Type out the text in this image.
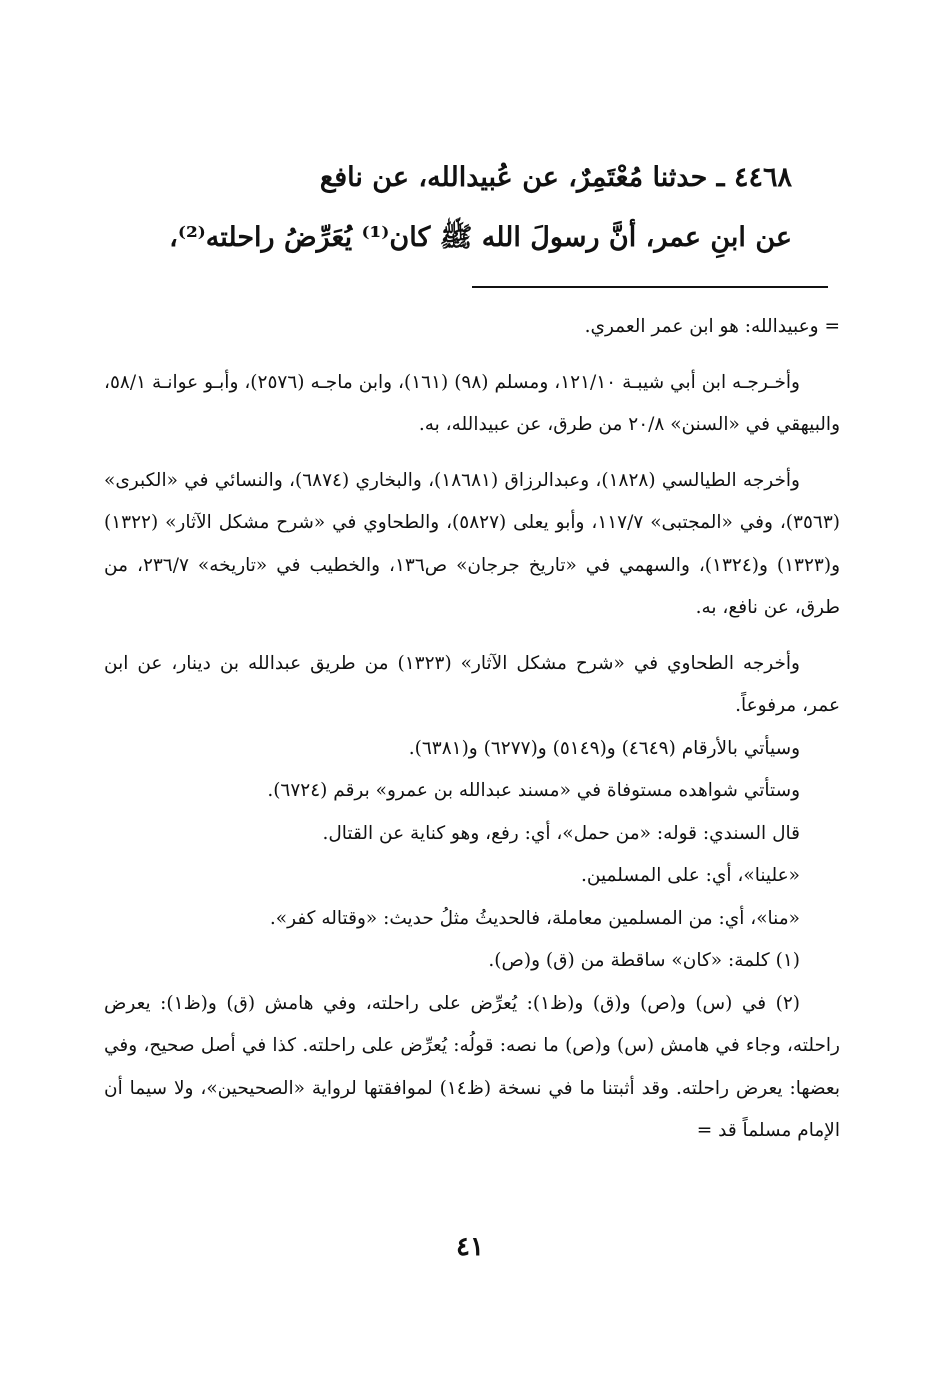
٤٤٦٨ ـ حدثنا مُعْتَمِرٌ، عن عُبيدالله، عن نافع
عن ابنِ عمر، أنَّ رسولَ الله ﷺ كان⁽¹⁾ يُعَرِّضُ راحلته⁽²⁾،

= وعبيدالله: هو ابن عمر العمري.

وأخـرجـه ابن أبي شيبـة ١٢١/١٠، ومسلم (٩٨) (١٦١)، وابن ماجـه (٢٥٧٦)، وأبـو عوانـة ٥٨/١، والبيهقي في «السنن» ٢٠/٨ من طرق، عن عبيدالله، به.

وأخرجه الطيالسي (١٨٢٨)، وعبدالرزاق (١٨٦٨١)، والبخاري (٦٨٧٤)، والنسائي في «الكبرى» (٣٥٦٣)، وفي «المجتبى» ١١٧/٧، وأبو يعلى (٥٨٢٧)، والطحاوي في «شرح مشكل الآثار» (١٣٢٢) و(١٣٢٣) و(١٣٢٤)، والسهمي في «تاريخ جرجان» ص١٣٦، والخطيب في «تاريخه» ٢٣٦/٧، من طرق، عن نافع، به.

وأخرجه الطحاوي في «شرح مشكل الآثار» (١٣٢٣) من طريق عبدالله بن دينار، عن ابن عمر، مرفوعاً.

وسيأتي بالأرقام (٤٦٤٩) و(٥١٤٩) و(٦٢٧٧) و(٦٣٨١).

وستأتي شواهده مستوفاة في «مسند عبدالله بن عمرو» برقم (٦٧٢٤).

قال السندي: قوله: «من حمل»، أي: رفع، وهو كناية عن القتال.

«علينا»، أي: على المسلمين.

«منا»، أي: من المسلمين معاملة، فالحديثُ مثلُ حديث: «وقتاله كفر».

(١) كلمة: «كان» ساقطة من (ق) و(ص).

(٢) في (س) و(ص) و(ق) و(ظ١): يُعرِّض على راحلته، وفي هامش (ق) و(ظ١): يعرض راحلته، وجاء في هامش (س) و(ص) ما نصه: قولُه: يُعرِّض على راحلته. كذا في أصل صحيح، وفي بعضها: يعرض راحلته. وقد أثبتنا ما في نسخة (ظ١٤) لموافقتها لرواية «الصحيحين»، ولا سيما أن الإمام مسلماً قد =

٤١
